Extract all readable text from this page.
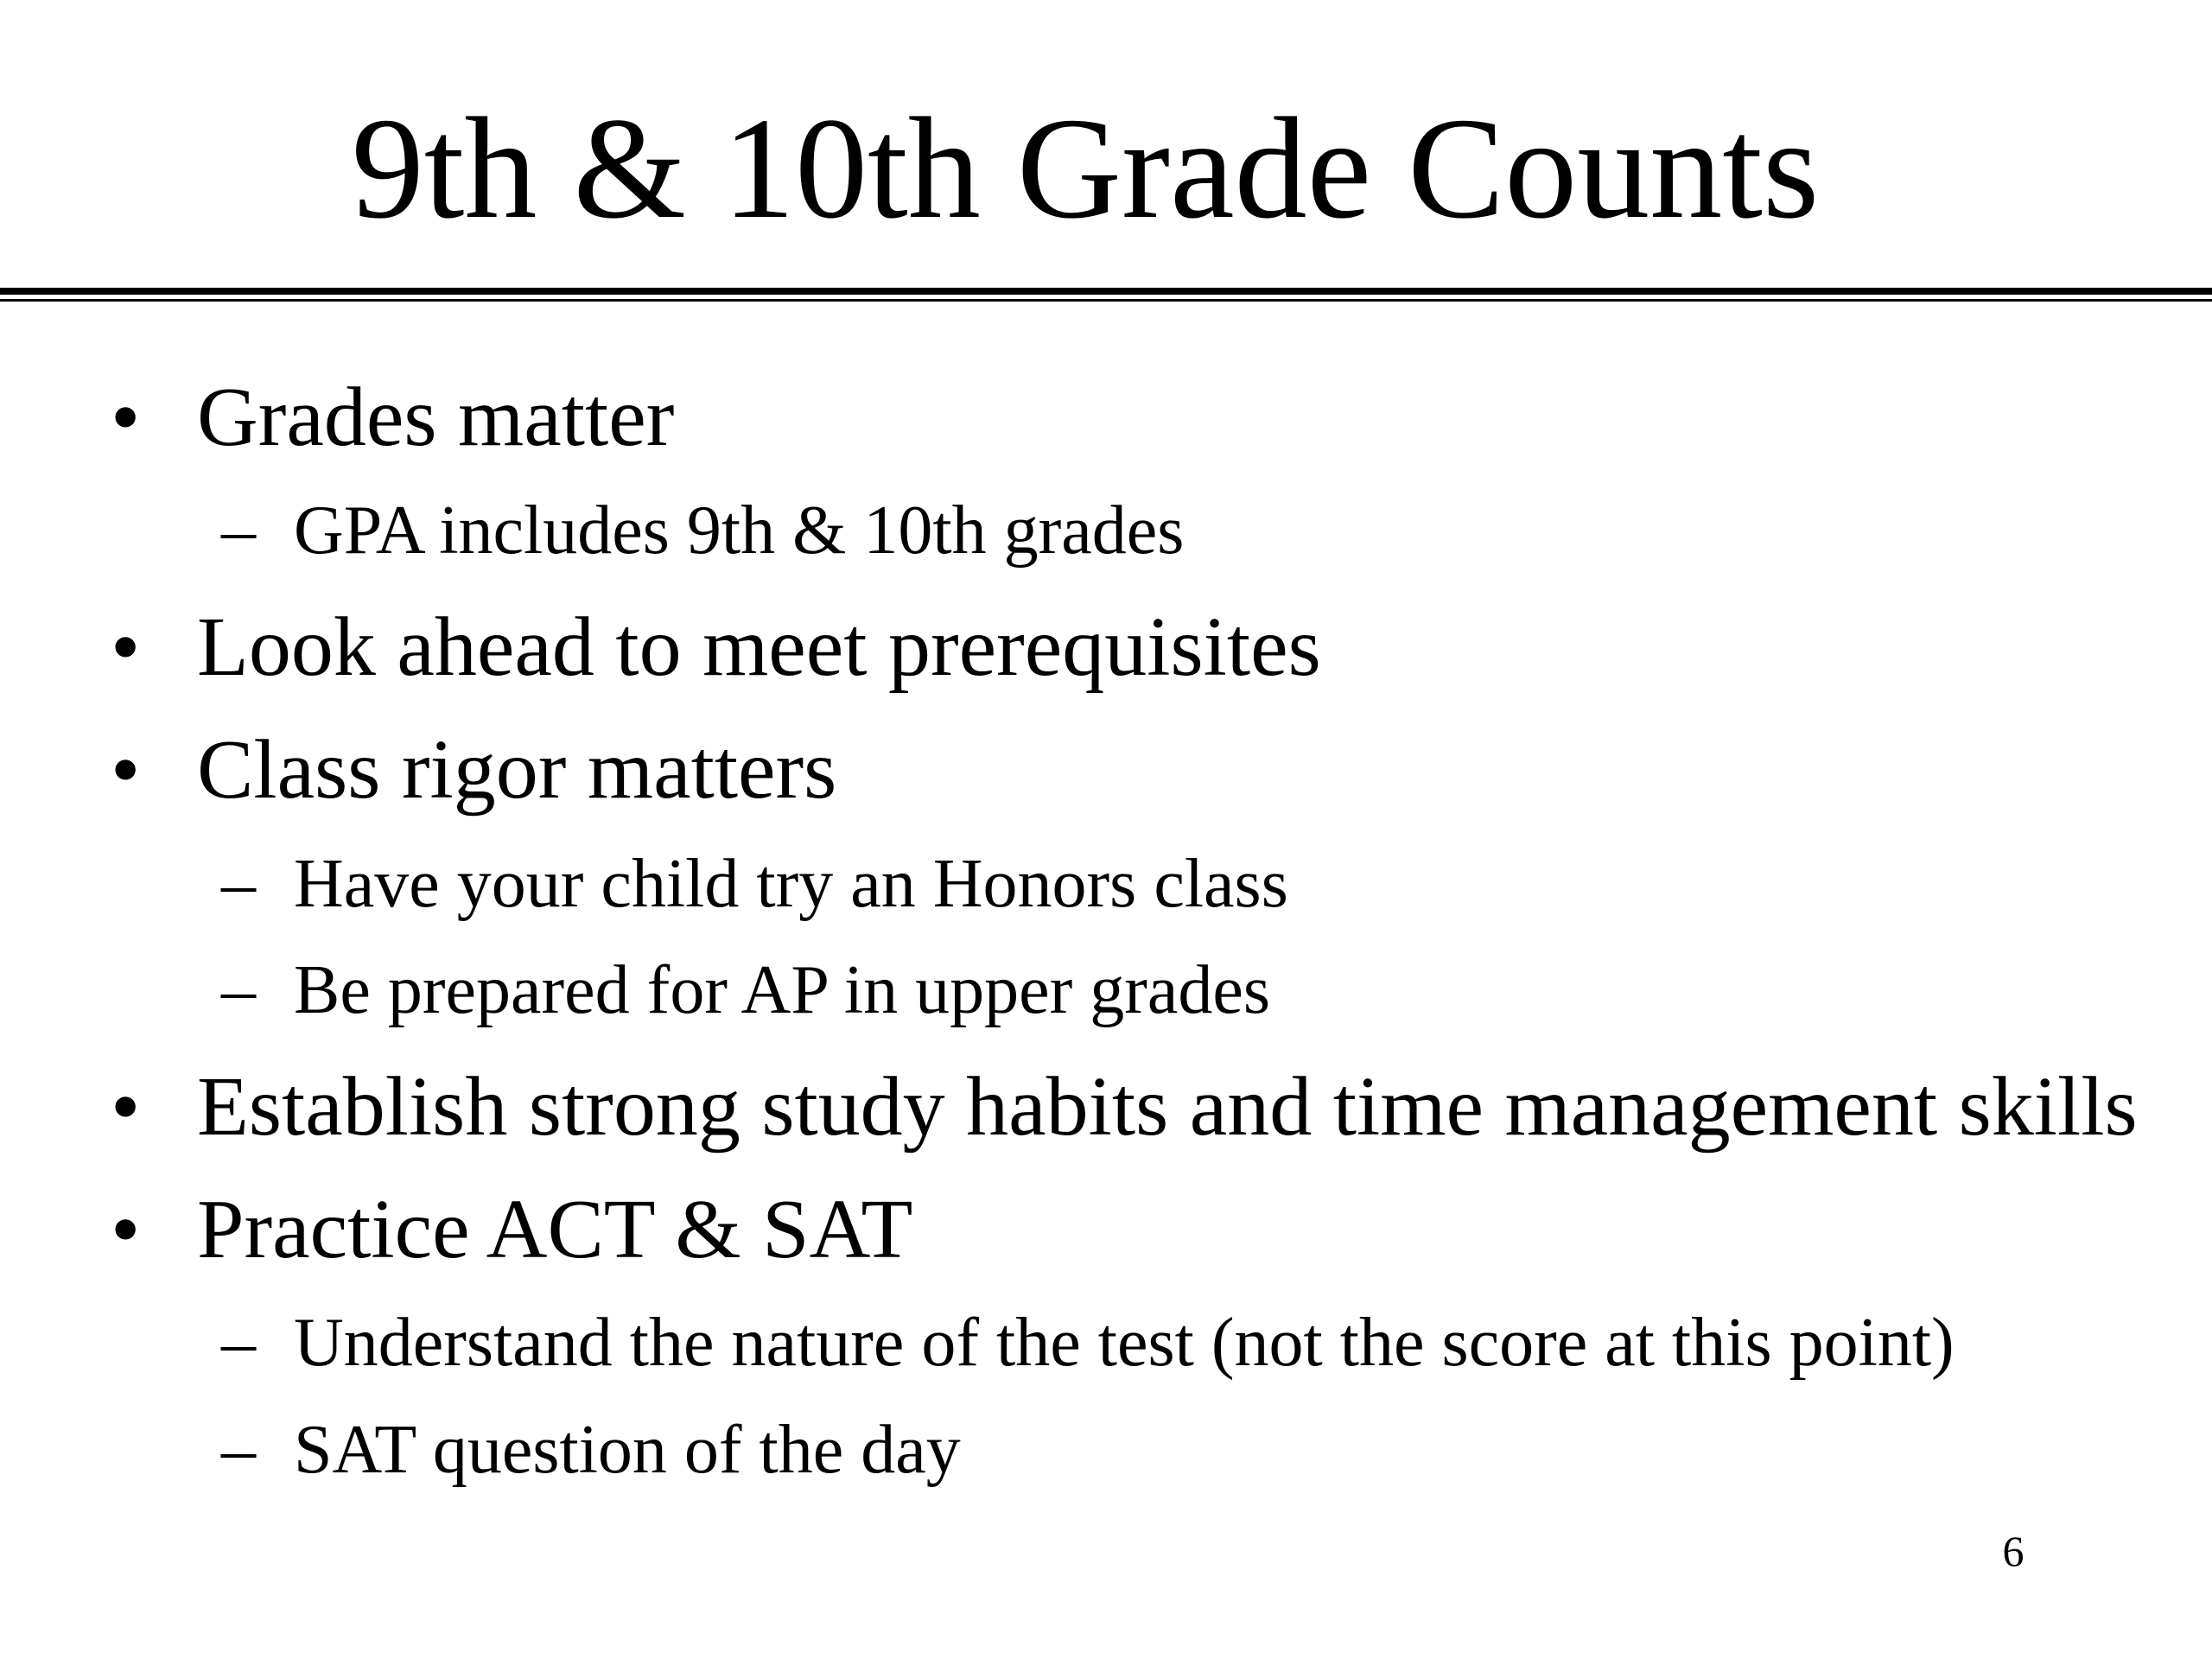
9th & 10th Grade Counts
• Grades matter
– GPA includes 9th & 10th grades
• Look ahead to meet prerequisites
• Class rigor matters
– Have your child try an Honors class
– Be prepared for AP in upper grades
• Establish strong study habits and time management skills
• Practice ACT & SAT
– Understand the nature of the test (not the score at this point)
– SAT question of the day
6
